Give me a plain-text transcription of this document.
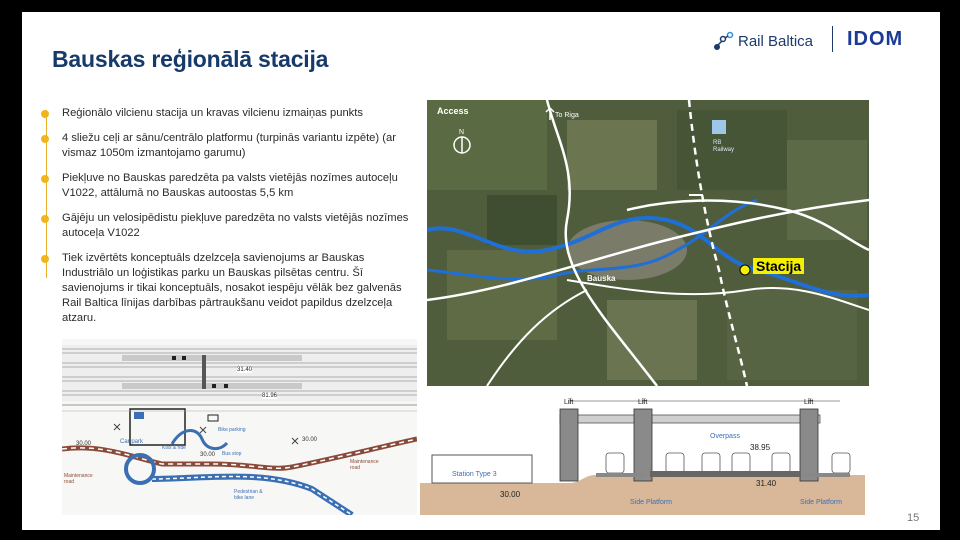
Bauskas reģionālā stacija
Rail Baltica IDOM
Reģionālo vilcienu stacija un kravas vilcienu izmaiņas punkts
4 sliežu ceļi ar sānu/centrālo platformu (turpinās variantu izpēte) (ar vismaz 1050m izmantojamo garumu)
Piekļuve no Bauskas paredzēta pa valsts vietējās nozīmes autoceļu V1022, attālumā no Bauskas autoostas 5,5 km
Gājēju un velosipēdistu piekļuve paredzēta no valsts vietējās nozīmes autoceļa V1022
Tiek izvērtēts konceptuāls dzelzceļa savienojums ar Bauskas Industriālo un loģistikas parku un Bauskas pilsētas centru. Šī savienojums ir tikai konceptuāls, nosakot iespēju vēlāk bez galvenās Rail Baltica līnijas darbības pārtraukšanu veidot papildus dzelzceļa atzaru.
Access
N
To Riga
RB Railway
Bauska
Stacija
31.40
81.96
30.00
30.00
30.00
Car park
Bike parking
Kiss & ride
Bus stop
Maintenance road
Maintenance road
Pedestrian & bike lane
Lift	Lift	Lift
Overpass
38.95
30.00
31.40
Station Type 3
Side Platform	Side Platform
15
